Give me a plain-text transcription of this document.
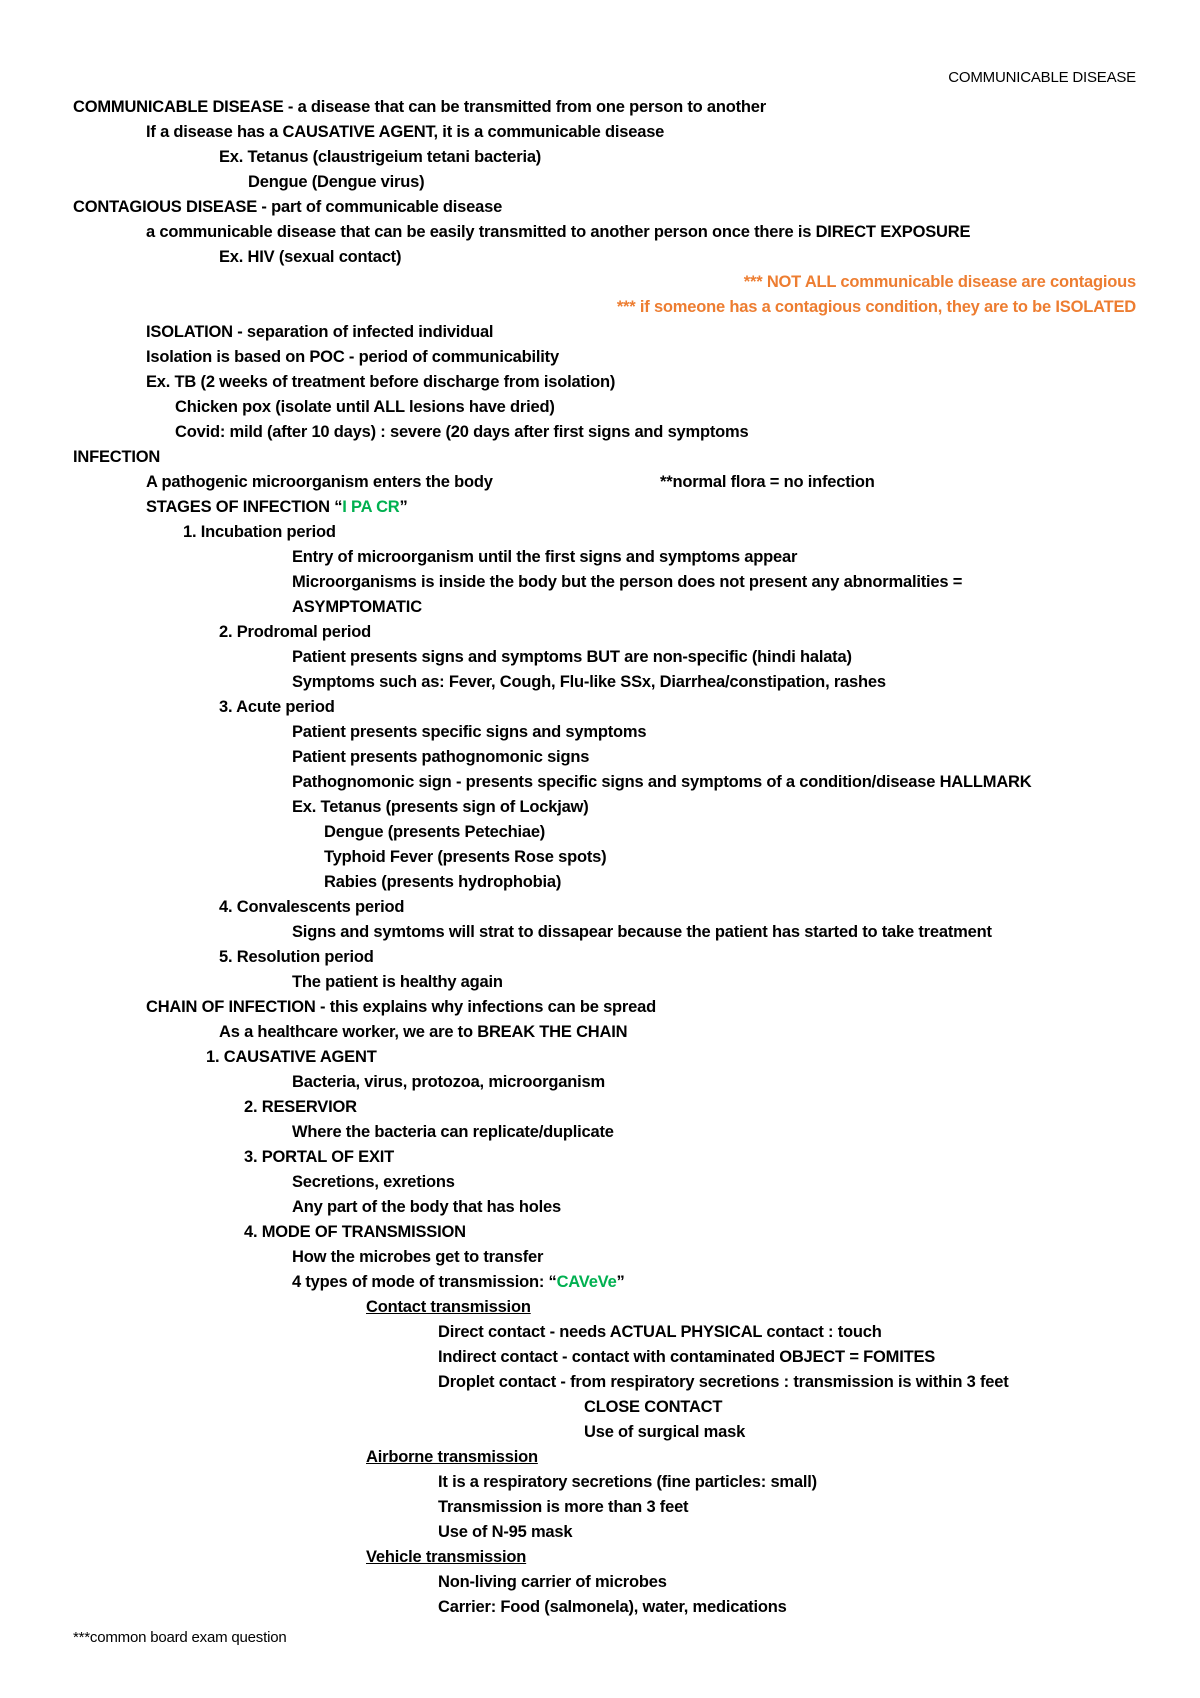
COMMUNICABLE DISEASE
COMMUNICABLE DISEASE - a disease that can be transmitted from one person to another
If a disease has a CAUSATIVE AGENT, it is a communicable disease
Ex. Tetanus (claustrigeium tetani bacteria)
Dengue (Dengue virus)
CONTAGIOUS DISEASE - part of communicable disease
a communicable disease that can be easily transmitted to another person once there is DIRECT EXPOSURE
Ex. HIV (sexual contact)
*** NOT ALL communicable disease are contagious
*** if someone has a contagious condition, they are to be ISOLATED
ISOLATION - separation of infected individual
Isolation is based on POC - period of communicability
Ex. TB (2 weeks of treatment before discharge from isolation)
Chicken pox (isolate until ALL lesions have dried)
Covid: mild (after 10 days) : severe (20 days after first signs and symptoms
INFECTION
A pathogenic microorganism enters the body	**normal flora = no infection
STAGES OF INFECTION “I PA CR”
1. Incubation period
Entry of microorganism until the first signs and symptoms appear
Microorganisms is inside the body but the person does not present any abnormalities =
ASYMPTOMATIC
2. Prodromal period
Patient presents signs and symptoms BUT are non-specific (hindi halata)
Symptoms such as: Fever, Cough, Flu-like SSx, Diarrhea/constipation, rashes
3. Acute period
Patient presents specific signs and symptoms
Patient presents pathognomonic signs
Pathognomonic sign - presents specific signs and symptoms of a condition/disease HALLMARK
Ex. Tetanus (presents sign of Lockjaw)
Dengue (presents Petechiae)
Typhoid Fever (presents Rose spots)
Rabies (presents hydrophobia)
4. Convalescents period
Signs and symtoms will strat to dissapear because the patient has started to take treatment
5. Resolution period
The patient is healthy again
CHAIN OF INFECTION - this explains why infections can be spread
As a healthcare worker, we are to BREAK THE CHAIN
1. CAUSATIVE AGENT
Bacteria, virus, protozoa, microorganism
2. RESERVIOR
Where the bacteria can replicate/duplicate
3. PORTAL OF EXIT
Secretions, exretions
Any part of the body that has holes
4. MODE OF TRANSMISSION
How the microbes get to transfer
4 types of mode of transmission: “CAVeVe”
Contact transmission
Direct contact - needs ACTUAL PHYSICAL contact : touch
Indirect contact - contact with contaminated OBJECT = FOMITES
Droplet contact - from respiratory secretions : transmission is within 3 feet
CLOSE CONTACT
Use of surgical mask
Airborne transmission
It is a respiratory secretions (fine particles: small)
Transmission is more than 3 feet
Use of N-95 mask
Vehicle transmission
Non-living carrier of microbes
Carrier: Food (salmonela), water, medications
***common board exam question
